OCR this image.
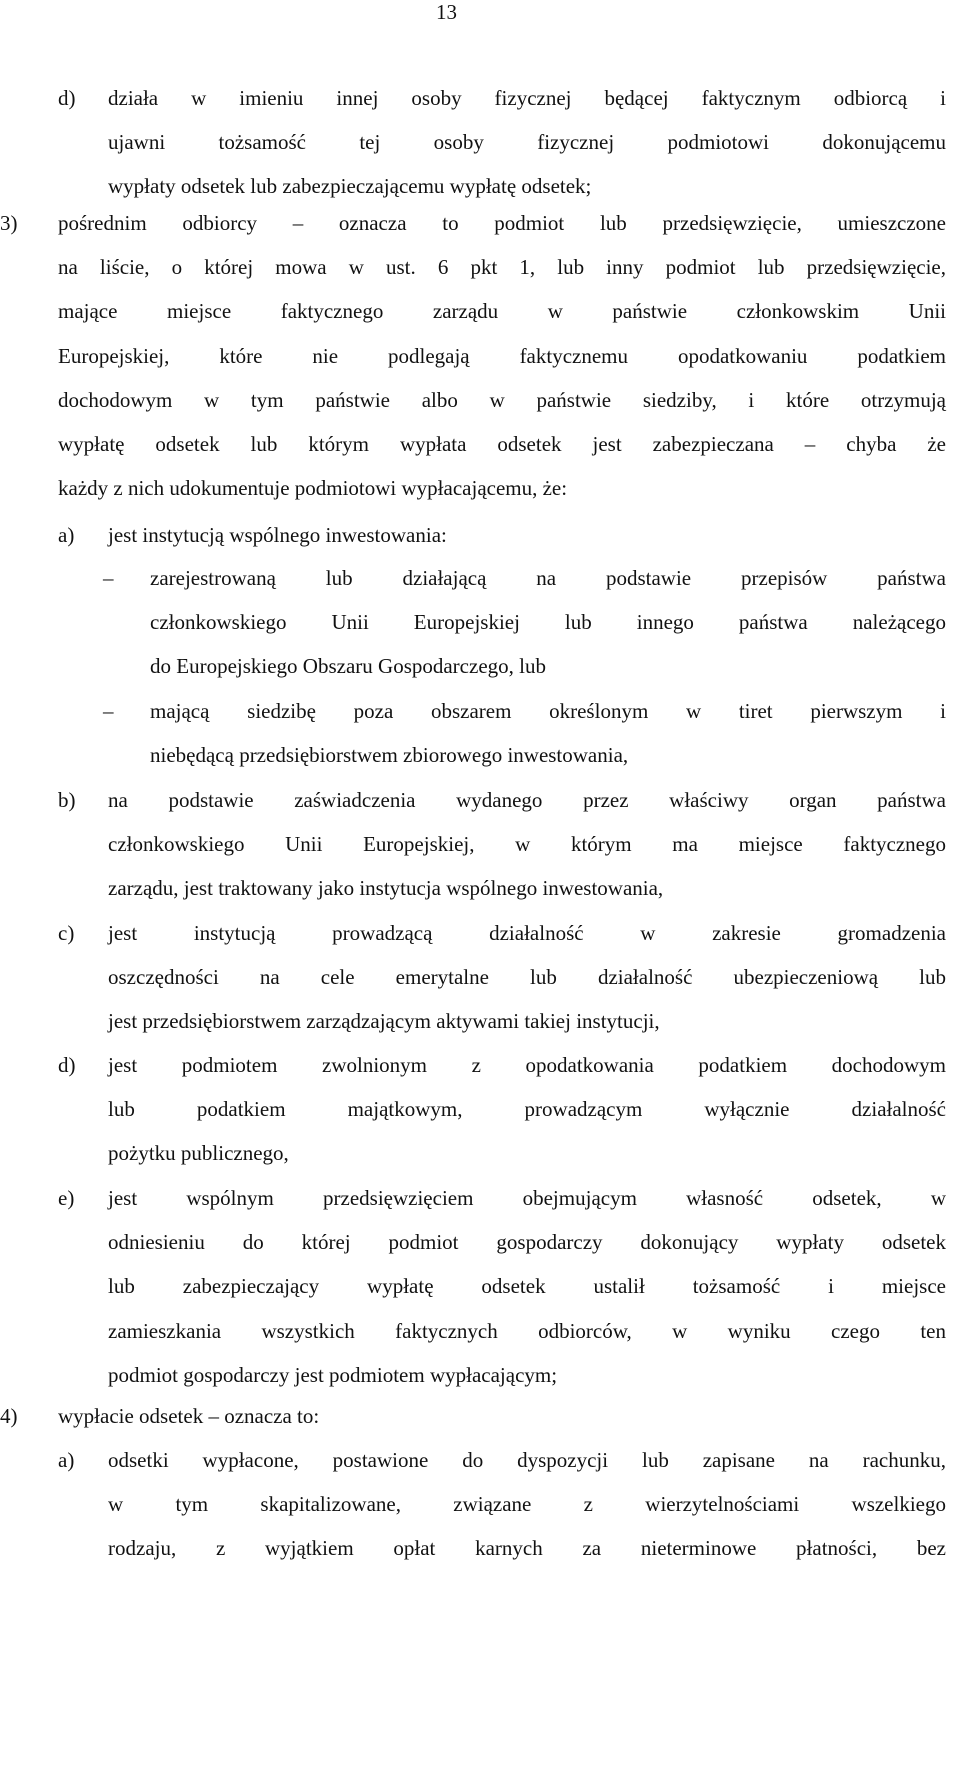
13
d) działa w imieniu innej osoby fizycznej będącej faktycznym odbiorcą i
ujawni tożsamość tej osoby fizycznej podmiotowi dokonującemu
wypłaty odsetek lub zabezpieczającemu wypłatę odsetek;
3) pośrednim odbiorcy – oznacza to podmiot lub przedsięwzięcie, umieszczone
na liście, o której mowa w ust. 6 pkt 1, lub inny podmiot lub przedsięwzięcie,
mające miejsce faktycznego zarządu w państwie członkowskim Unii
Europejskiej, które nie podlegają faktycznemu opodatkowaniu podatkiem
dochodowym w tym państwie albo w państwie siedziby, i które otrzymują
wypłatę odsetek lub którym wypłata odsetek jest zabezpieczana – chyba że
każdy z nich udokumentuje podmiotowi wypłacającemu, że:
a) jest instytucją wspólnego inwestowania:
– zarejestrowaną lub działającą na podstawie przepisów państwa
członkowskiego Unii Europejskiej lub innego państwa należącego
do Europejskiego Obszaru Gospodarczego, lub
– mającą siedzibę poza obszarem określonym w tiret pierwszym i
niebędącą przedsiębiorstwem zbiorowego inwestowania,
b) na podstawie zaświadczenia wydanego przez właściwy organ państwa
członkowskiego Unii Europejskiej, w którym ma miejsce faktycznego
zarządu, jest traktowany jako instytucja wspólnego inwestowania,
c) jest instytucją prowadzącą działalność w zakresie gromadzenia
oszczędności na cele emerytalne lub działalność ubezpieczeniową lub
jest przedsiębiorstwem zarządzającym aktywami takiej instytucji,
d) jest podmiotem zwolnionym z opodatkowania podatkiem dochodowym
lub podatkiem majątkowym, prowadzącym wyłącznie działalność
pożytku publicznego,
e) jest wspólnym przedsięwzięciem obejmującym własność odsetek, w
odniesieniu do której podmiot gospodarczy dokonujący wypłaty odsetek
lub zabezpieczający wypłatę odsetek ustalił tożsamość i miejsce
zamieszkania wszystkich faktycznych odbiorców, w wyniku czego ten
podmiot gospodarczy jest podmiotem wypłacającym;
4) wypłacie odsetek – oznacza to:
a) odsetki wypłacone, postawione do dyspozycji lub zapisane na rachunku,
w tym skapitalizowane, związane z wierzytelnościami wszelkiego
rodzaju, z wyjątkiem opłat karnych za nieterminowe płatności, bez
